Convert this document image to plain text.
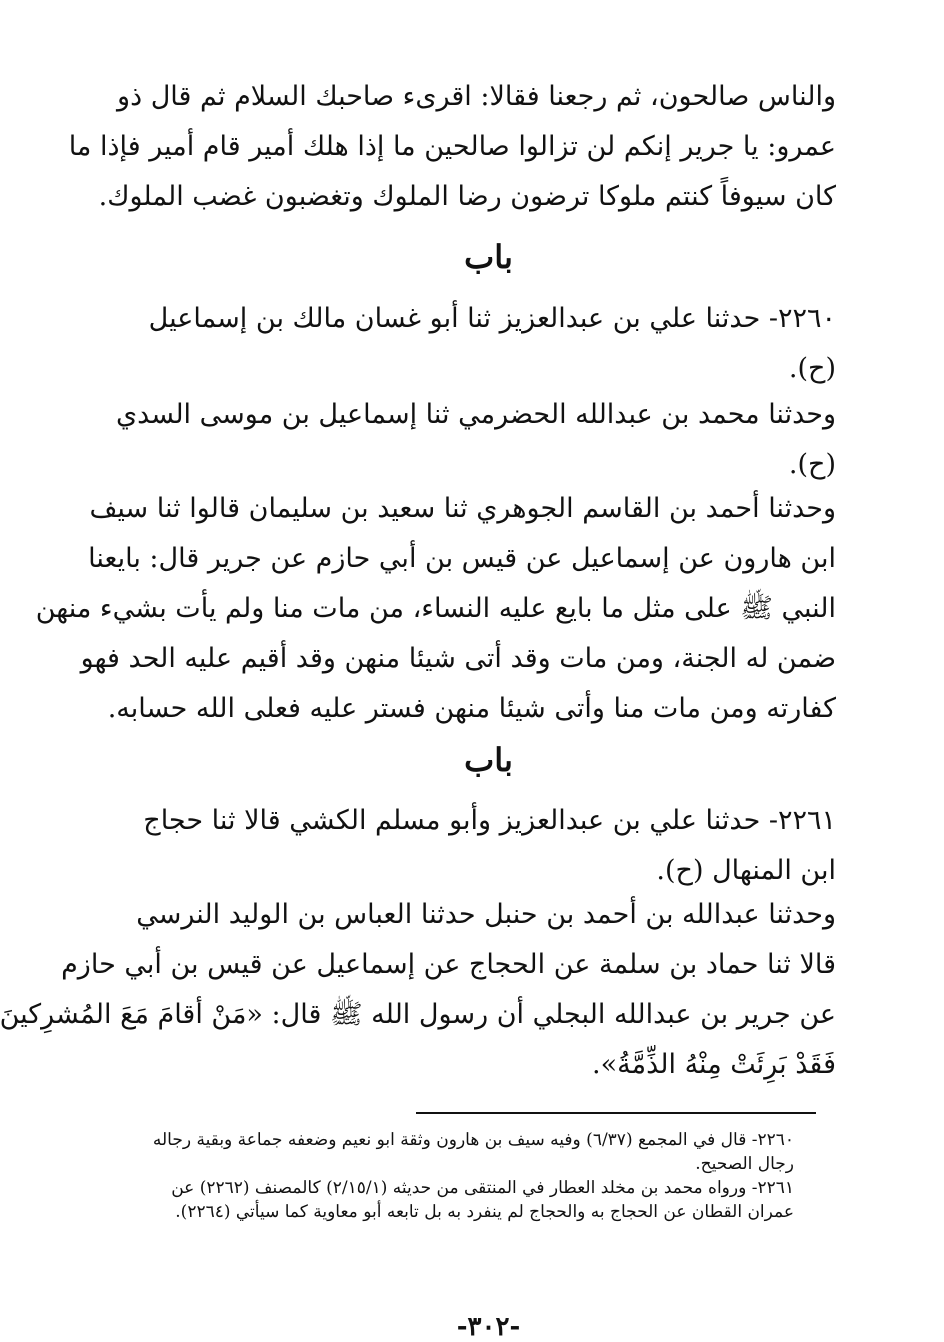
والناس صالحون، ثم رجعنا فقالا: اقرىء صاحبك السلام ثم قال ذو
عمرو: يا جرير إنكم لن تزالوا صالحين ما إذا هلك أمير قام أمير فإذا ما
كان سيوفاً كنتم ملوكا ترضون رضا الملوك وتغضبون غضب الملوك.
باب
٢٢٦٠- حدثنا علي بن عبدالعزيز ثنا أبو غسان مالك بن إسماعيل
(ح).
وحدثنا محمد بن عبدالله الحضرمي ثنا إسماعيل بن موسى السدي
(ح).
وحدثنا أحمد بن القاسم الجوهري ثنا سعيد بن سليمان قالوا ثنا سيف
ابن هارون عن إسماعيل عن قيس بن أبي حازم عن جرير قال: بايعنا
النبي ﷺ على مثل ما بايع عليه النساء، من مات منا ولم يأت بشيء منهن
ضمن له الجنة، ومن مات وقد أتى شيئا منهن وقد أقيم عليه الحد فهو
كفارته ومن مات منا وأتى شيئا منهن فستر عليه فعلى الله حسابه.
باب
٢٢٦١- حدثنا علي بن عبدالعزيز وأبو مسلم الكشي قالا ثنا حجاج
ابن المنهال (ح).
وحدثنا عبدالله بن أحمد بن حنبل حدثنا العباس بن الوليد النرسي
قالا ثنا حماد بن سلمة عن الحجاج عن إسماعيل عن قيس بن أبي حازم
عن جرير بن عبدالله البجلي أن رسول الله ﷺ قال: «مَنْ أقامَ مَعَ المُشرِكينَ
فَقَدْ بَرِئَتْ مِنْهُ الذِّمَّةُ».
٢٢٦٠- قال في المجمع (٦/٣٧) وفيه سيف بن هارون وثقة ابو نعيم وضعفه جماعة وبقية رجاله
رجال الصحيح.
٢٢٦١- ورواه محمد بن مخلد العطار في المنتقى من حديثه (٢/١٥/١) كالمصنف (٢٢٦٢) عن
عمران القطان عن الحجاج به والحجاج لم ينفرد به بل تابعه أبو معاوية كما سيأتي (٢٢٦٤).
-٣٠٢-
